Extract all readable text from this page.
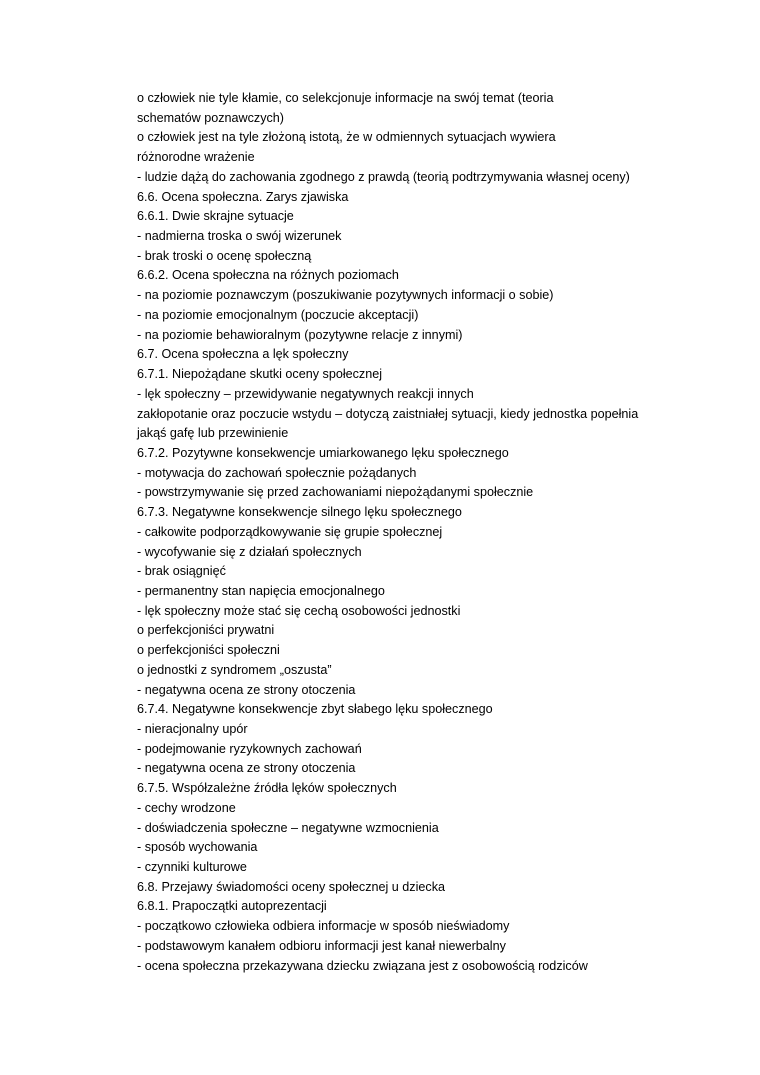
o człowiek nie tyle kłamie, co selekcjonuje informacje na swój temat (teoria
schematów poznawczych)
o człowiek jest na tyle złożoną istotą, że w odmiennych sytuacjach wywiera
różnorodne wrażenie
- ludzie dążą do zachowania zgodnego z prawdą (teorią podtrzymywania własnej oceny)
6.6. Ocena społeczna. Zarys zjawiska
6.6.1. Dwie skrajne sytuacje
- nadmierna troska o swój wizerunek
- brak troski o ocenę społeczną
6.6.2. Ocena społeczna na różnych poziomach
- na poziomie poznawczym (poszukiwanie pozytywnych informacji o sobie)
- na poziomie emocjonalnym (poczucie akceptacji)
- na poziomie behawioralnym (pozytywne relacje z innymi)
6.7. Ocena społeczna a lęk społeczny
6.7.1. Niepożądane skutki oceny społecznej
- lęk społeczny – przewidywanie negatywnych reakcji innych
zakłopotanie oraz poczucie wstydu – dotyczą zaistniałej sytuacji, kiedy jednostka popełnia
jakąś gafę lub przewinienie
6.7.2. Pozytywne konsekwencje umiarkowanego lęku społecznego
- motywacja do zachowań społecznie pożądanych
- powstrzymywanie się przed zachowaniami niepożądanymi społecznie
6.7.3. Negatywne konsekwencje silnego lęku społecznego
- całkowite podporządkowywanie się grupie społecznej
- wycofywanie się z działań społecznych
- brak osiągnięć
- permanentny stan napięcia emocjonalnego
- lęk społeczny może stać się cechą osobowości jednostki
o perfekcjoniści prywatni
o perfekcjoniści społeczni
o jednostki z syndromem „oszusta”
- negatywna ocena ze strony otoczenia
6.7.4. Negatywne konsekwencje zbyt słabego lęku społecznego
- nieracjonalny upór
- podejmowanie ryzykownych zachowań
- negatywna ocena ze strony otoczenia
6.7.5. Współzależne źródła lęków społecznych
- cechy wrodzone
- doświadczenia społeczne – negatywne wzmocnienia
- sposób wychowania
- czynniki kulturowe
6.8. Przejawy świadomości oceny społecznej u dziecka
6.8.1. Prapoczątki autoprezentacji
- początkowo człowieka odbiera informacje w sposób nieświadomy
- podstawowym kanałem odbioru informacji jest kanał niewerbalny
- ocena społeczna przekazywana dziecku związana jest z osobowością rodziców
